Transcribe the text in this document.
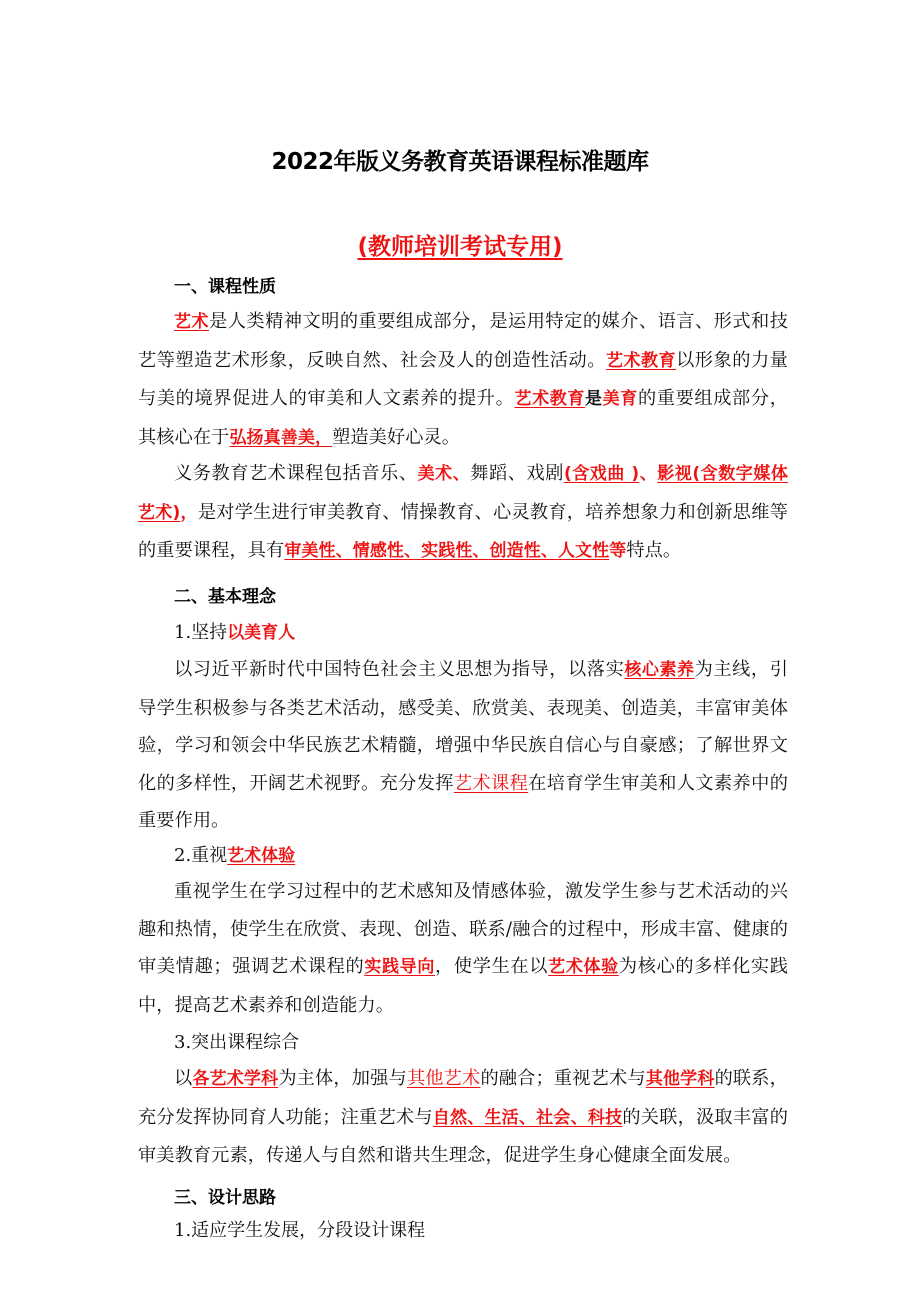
2022年版义务教育英语课程标准题库
(教师培训考试专用)
一、课程性质
艺术是人类精神文明的重要组成部分，是运用特定的媒介、语言、形式和技艺等塑造艺术形象，反映自然、社会及人的创造性活动。艺术教育以形象的力量与美的境界促进人的审美和人文素养的提升。艺术教育是美育的重要组成部分，其核心在于弘扬真善美，塑造美好心灵。
义务教育艺术课程包括音乐、美术、舞蹈、戏剧(含戏曲 )、影视(含数字媒体艺术)，是对学生进行审美教育、情操教育、心灵教育，培养想象力和创新思维等的重要课程，具有审美性、情感性、实践性、创造性、人文性等特点。
二、基本理念
1.坚持以美育人
以习近平新时代中国特色社会主义思想为指导，以落实核心素养为主线，引导学生积极参与各类艺术活动，感受美、欣赏美、表现美、创造美，丰富审美体验，学习和领会中华民族艺术精髓，增强中华民族自信心与自豪感；了解世界文化的多样性，开阔艺术视野。充分发挥艺术课程在培育学生审美和人文素养中的重要作用。
2.重视艺术体验
重视学生在学习过程中的艺术感知及情感体验，激发学生参与艺术活动的兴趣和热情，使学生在欣赏、表现、创造、联系/融合的过程中，形成丰富、健康的审美情趣；强调艺术课程的实践导向，使学生在以艺术体验为核心的多样化实践中，提高艺术素养和创造能力。
3.突出课程综合
以各艺术学科为主体，加强与其他艺术的融合；重视艺术与其他学科的联系，充分发挥协同育人功能；注重艺术与自然、生活、社会、科技的关联，汲取丰富的审美教育元素，传递人与自然和谐共生理念，促进学生身心健康全面发展。
三、设计思路
1.适应学生发展，分段设计课程
